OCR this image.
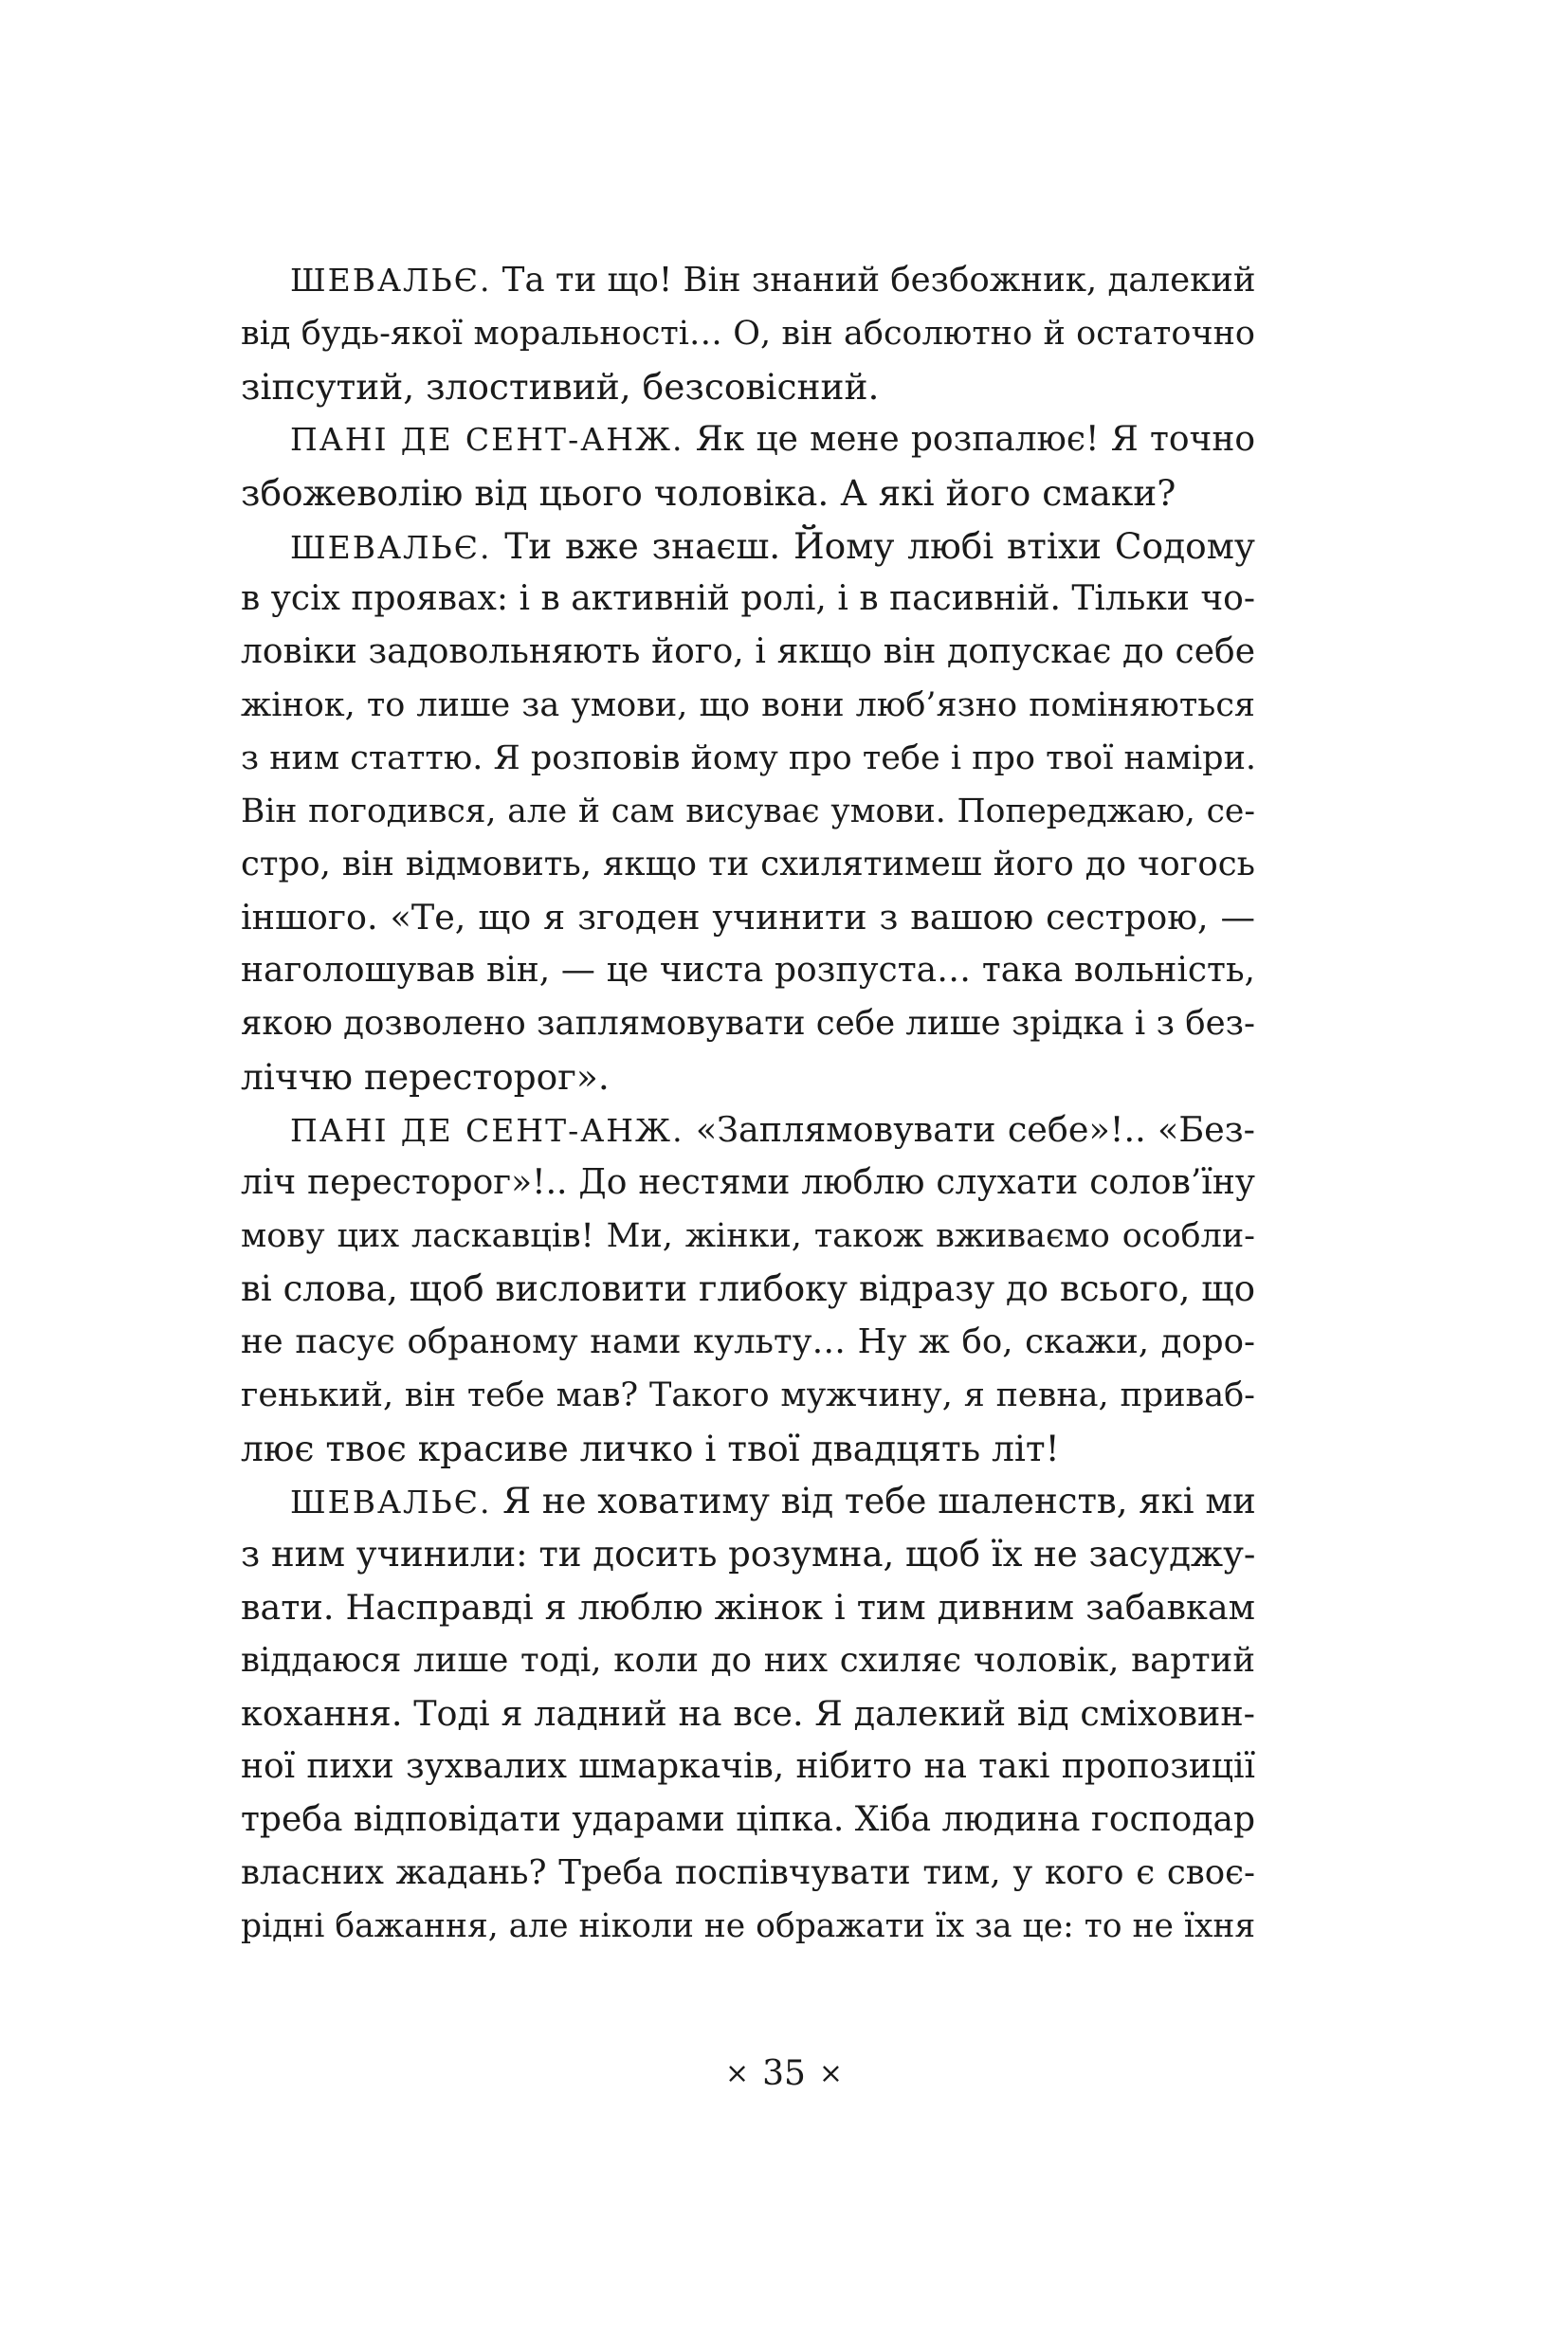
ШЕВАЛЬЄ. Та ти що! Він знаний безбожник, далекий
від будь-якої моральності… О, він абсолютно й остаточно
зіпсутий, злостивий, безсовісний.
ПАНІ ДЕ СЕНТ-АНЖ. Як це мене розпалює! Я точно
збожеволію від цього чоловіка. А які його смаки?
ШЕВАЛЬЄ. Ти вже знаєш. Йому любі втіхи Содому
в усіх проявах: і в активній ролі, і в пасивній. Тільки чо-
ловіки задовольняють його, і якщо він допускає до себе
жінок, то лише за умови, що вони люб’язно поміняються
з ним статтю. Я розповів йому про тебе і про твої наміри.
Він погодився, але й сам висуває умови. Попереджаю, се-
стро, він відмовить, якщо ти схилятимеш його до чогось
іншого. «Те, що я згоден учинити з вашою сестрою, —
наголошував він, — це чиста розпуста… така вольність,
якою дозволено заплямовувати себе лише зрідка і з без-
ліччю пересторог».
ПАНІ ДЕ СЕНТ-АНЖ. «Заплямовувати себе»!.. «Без-
ліч пересторог»!.. До нестями люблю слухати солов’їну
мову цих ласкавців! Ми, жінки, також вживаємо особли-
ві слова, щоб висловити глибоку відразу до всього, що
не пасує обраному нами культу… Ну ж бо, скажи, доро-
генький, він тебе мав? Такого мужчину, я певна, приваб-
лює твоє красиве личко і твої двадцять літ!
ШЕВАЛЬЄ. Я не ховатиму від тебе шаленств, які ми
з ним учинили: ти досить розумна, щоб їх не засуджу-
вати. Насправді я люблю жінок і тим дивним забавкам
віддаюся лише тоді, коли до них схиляє чоловік, вартий
кохання. Тоді я ладний на все. Я далекий від сміховин-
ної пихи зухвалих шмаркачів, нібито на такі пропозиції
треба відповідати ударами ціпка. Хіба людина господар
власних жадань? Треба поспівчувати тим, у кого є своє-
рідні бажання, але ніколи не ображати їх за це: то не їхня
× 35 ×
